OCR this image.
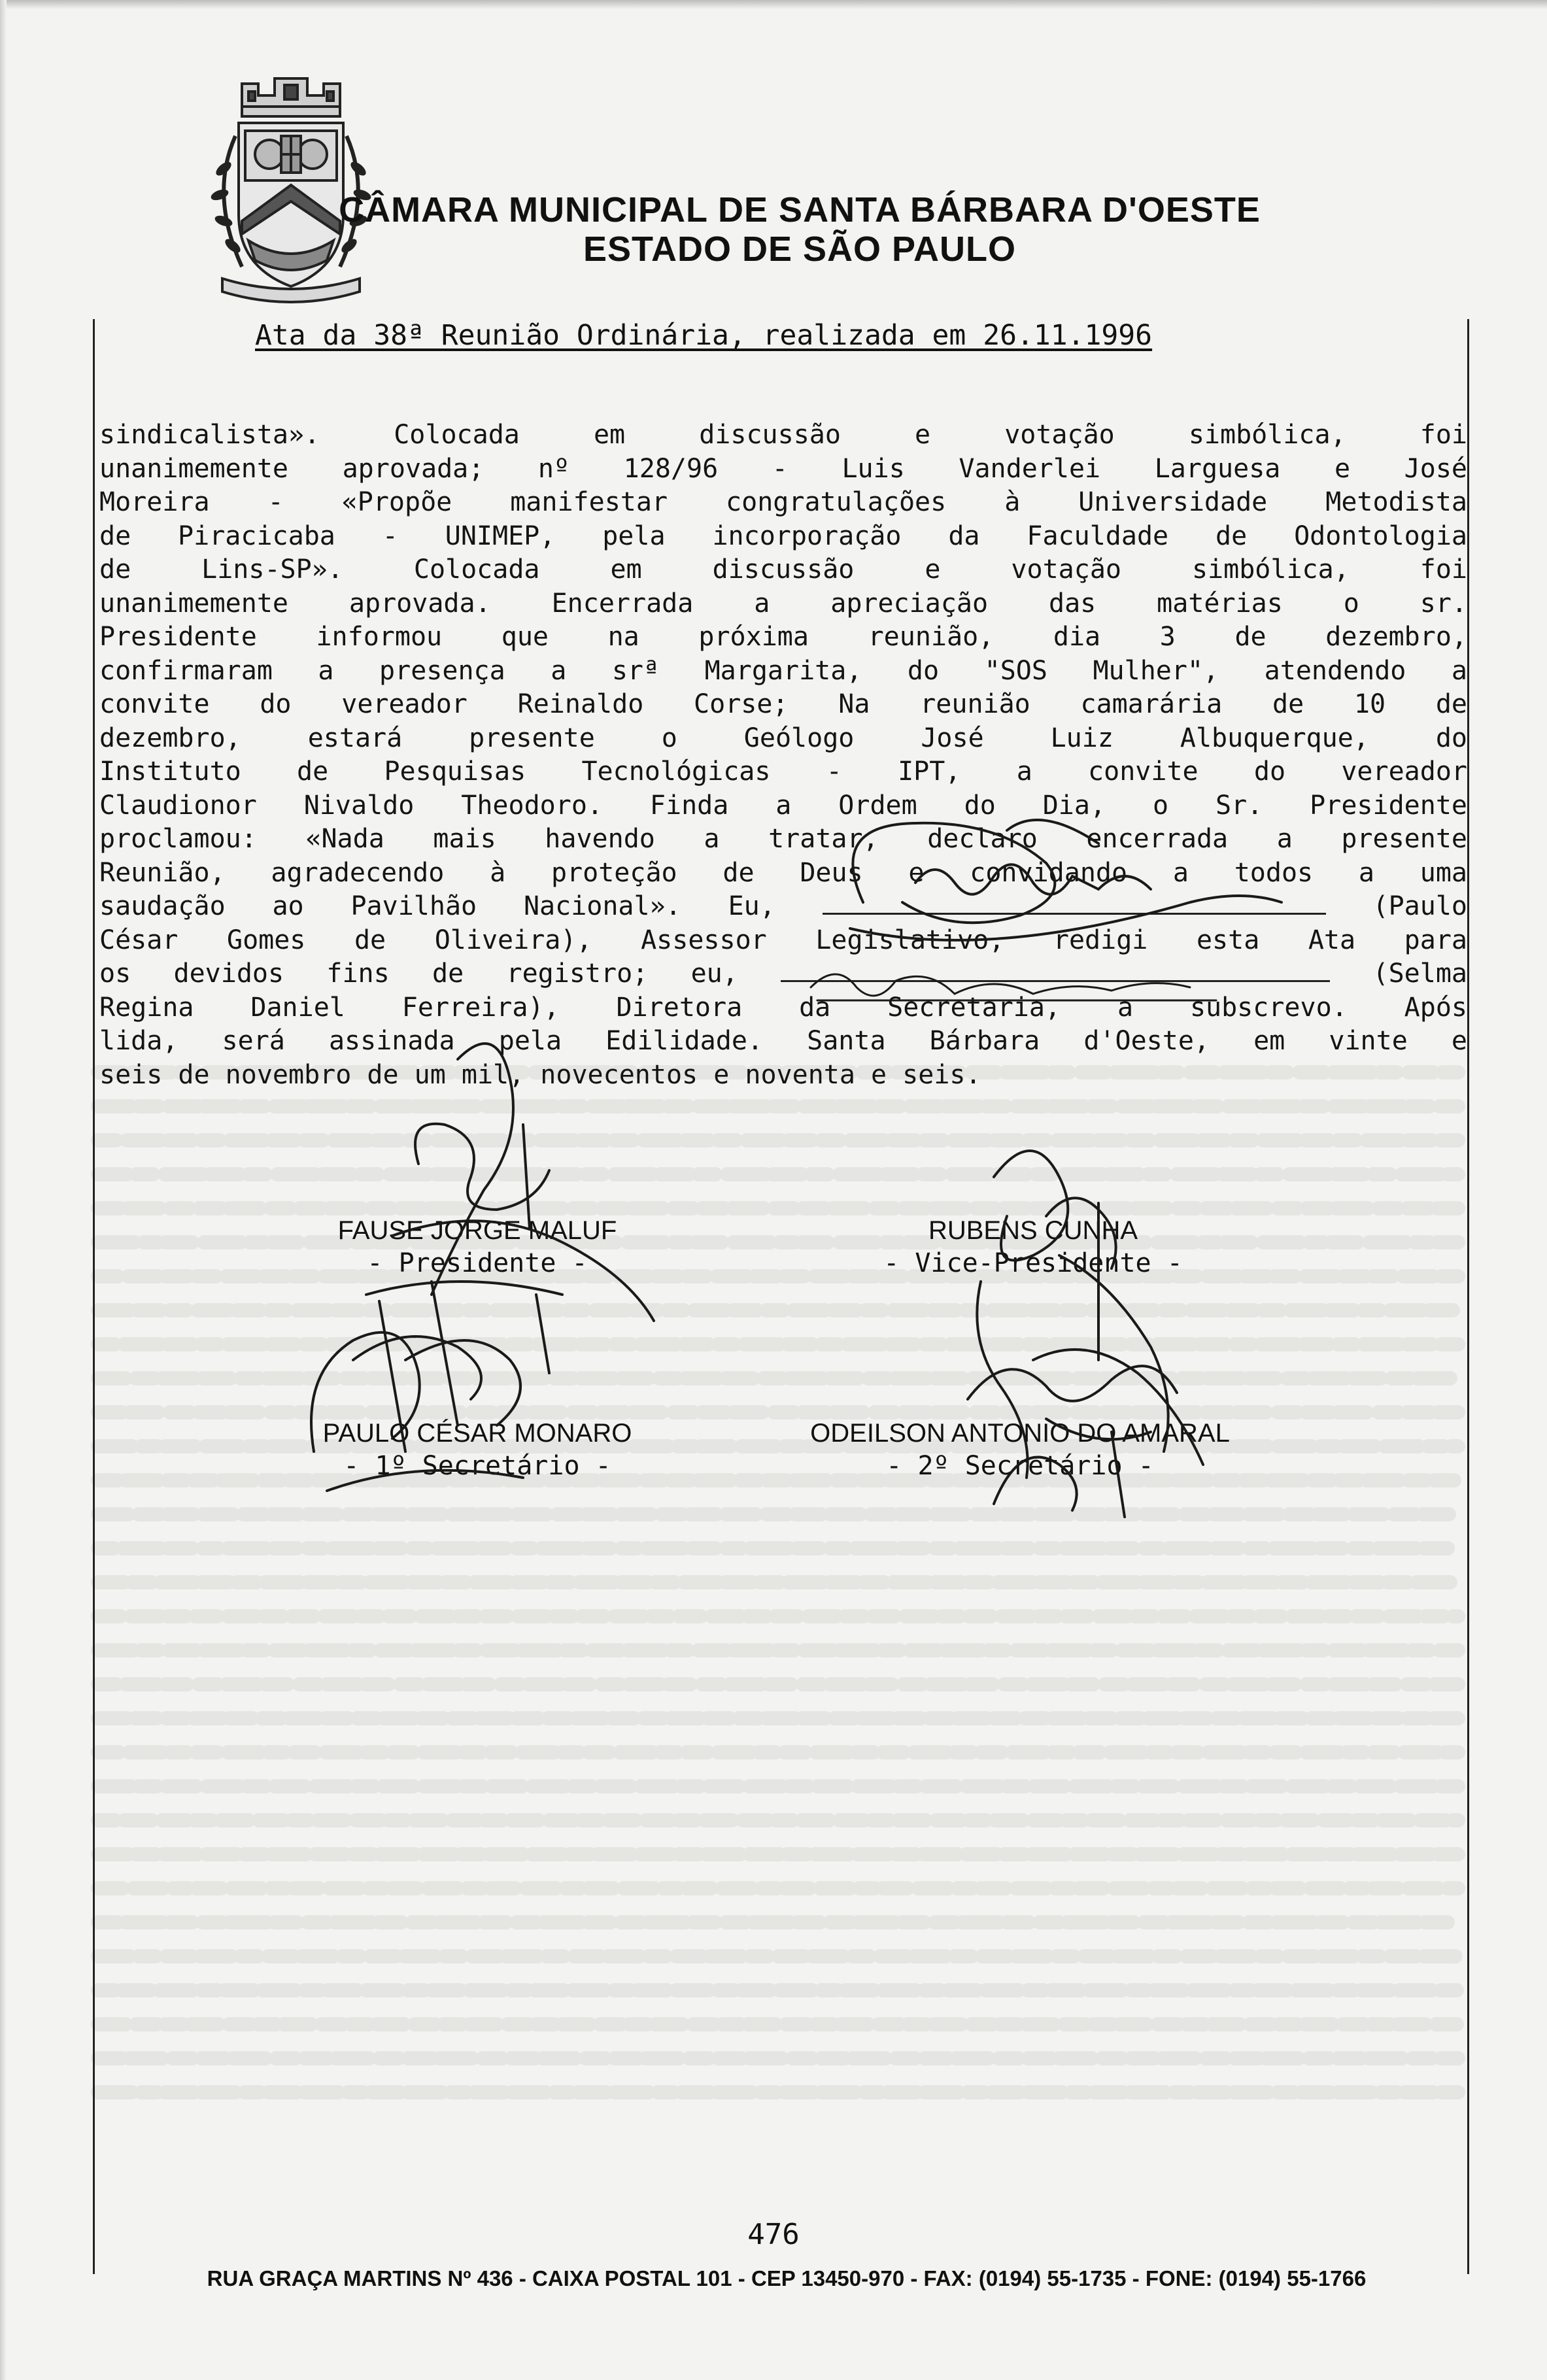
CÂMARA MUNICIPAL DE SANTA BÁRBARA D'OESTE
ESTADO DE SÃO PAULO
Ata da 38ª Reunião Ordinária, realizada em 26.11.1996
sindicalista». Colocada em discussão e votação simbólica, foi
unanimemente aprovada; nº 128/96 - Luis Vanderlei Larguesa e José
Moreira - «Propõe manifestar congratulações à Universidade Metodista
de Piracicaba - UNIMEP, pela incorporação da Faculdade de Odontologia
de Lins-SP». Colocada em discussão e votação simbólica, foi
unanimemente aprovada. Encerrada a apreciação das matérias o sr.
Presidente informou que na próxima reunião, dia 3 de dezembro,
confirmaram a presença a srª Margarita, do "SOS Mulher", atendendo a
convite do vereador Reinaldo Corse; Na reunião camarária de 10 de
dezembro, estará presente o Geólogo José Luiz Albuquerque, do
Instituto de Pesquisas Tecnológicas - IPT, a convite do vereador
Claudionor Nivaldo Theodoro. Finda a Ordem do Dia, o Sr. Presidente
proclamou: «Nada mais havendo a tratar, declaro encerrada a presente
Reunião, agradecendo à proteção de Deus e convidando a todos a uma
saudação ao Pavilhão Nacional». Eu,	(Paulo
César Gomes de Oliveira), Assessor Legislativo, redigi esta Ata para
os devidos fins de registro; eu,	(Selma
Regina Daniel Ferreira), Diretora da Secretaria, a subscrevo. Após
lida, será assinada pela Edilidade. Santa Bárbara d'Oeste, em vinte e
seis de novembro de um mil, novecentos e noventa e seis.
FAUSE JORGE MALUF
- Presidente -
RUBENS CUNHA
- Vice-Presidente -
PAULO CÉSAR MONARO
- 1º Secretário -
ODEILSON ANTONIO DO AMARAL
- 2º Secretário -
476
RUA GRAÇA MARTINS Nº 436 - CAIXA POSTAL 101 - CEP 13450-970 - FAX: (0194) 55-1735 - FONE: (0194) 55-1766
